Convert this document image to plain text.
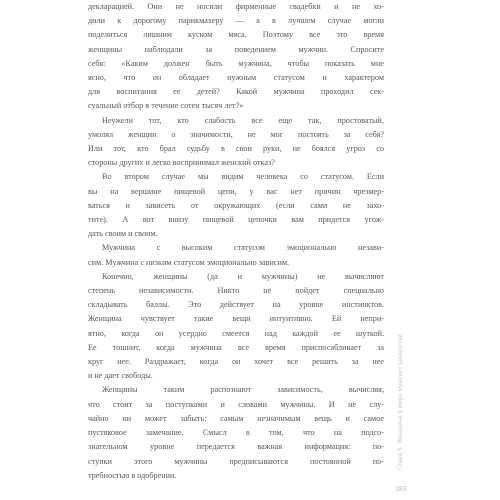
декларацией. Они не носили фирменные свадебки и не хо-
дили к дорогому парикмахеру — а в лучшем случае могли
поделиться лишним куском мяса. Поэтому все это время
женщины наблюдали за поведением мужчин. Спросите
себя: «Каким должен быть мужчина, чтобы показать мне
ясно, что он обладает нужным статусом и характером
для воспитания ее детей? Какой мужчина проходил сек-
суальный отбор в течение сотен тысяч лет?»

Неужели тот, кто слабость все еще так, простоватый,
умолял женщин о значимости, не мог постоять за себя?
Или тот, кто брал судьбу в свои руки, не боялся угроз со
стороны других и легко воспринимал женский отказ?

Во втором случае мы видим человека со статусом. Если
вы на вершине пищевой цепи, у вас нет причин чрезмер-
ваться и зависеть от окружающих (если сами не захо-
тите). А вот внизу пищевой цепочки вам придется угож-
дать своим и своим.

Мужчина с высоким статусом эмоционально незави-
сим. Мужчина с низким статусом эмоционально зависим.

Конечно, женщины (да и мужчины) не вычисляют
степень независимости. Никто не пойдет специально
складывать баллы. Это действует на уровне инстинктов.
Женщина чувствует такие вещи интуитивно. Ей непри-
ятно, когда он усердно смеется над каждой ее шуткой.
Ее тошнит, когда мужчина все время приспосабливает за
круг нее. Раздражает, когда он хочет все решить за нее
и не дает свободы.

Женщины таким распознают зависимость, вычисляя,
что стоит за поступками и словами мужчины. И не слу-
чайно ни может забыть: самым незначимым вещь и самое
пустяковое замечание. Смысл в том, что на подсо-
знательном уровне передается важная информация: по-
ступки этого мужчины предписываются постоянной по-
требностью в одобрении.

Глава 5. Женщина в мире мужских ценностей
183
